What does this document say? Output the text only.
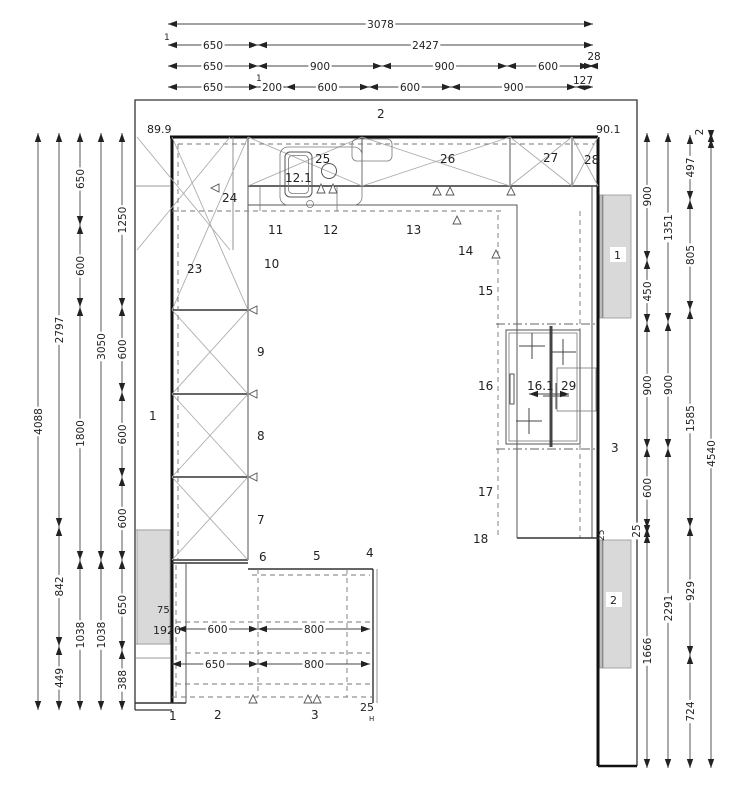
3078
650	2427
650	900	900	600
28
650	200	600	600	900
127
4088
2797
842
449
650
600
1800
1038
3050
1038
1250
600
600
600
650
388
900
450
900
600
25
1666
1351
900
2291
497
805
1585
929
724
2
4540
600	800
650	800
1
1
89.9	90.1
2
1
3
23
24
25
12.1
26	27 28
10
9
8
7
6	5	4
11	12	13
14
15
16	16.1 29
17
18
1	2	3
25
H
1
2
75
1920
25
